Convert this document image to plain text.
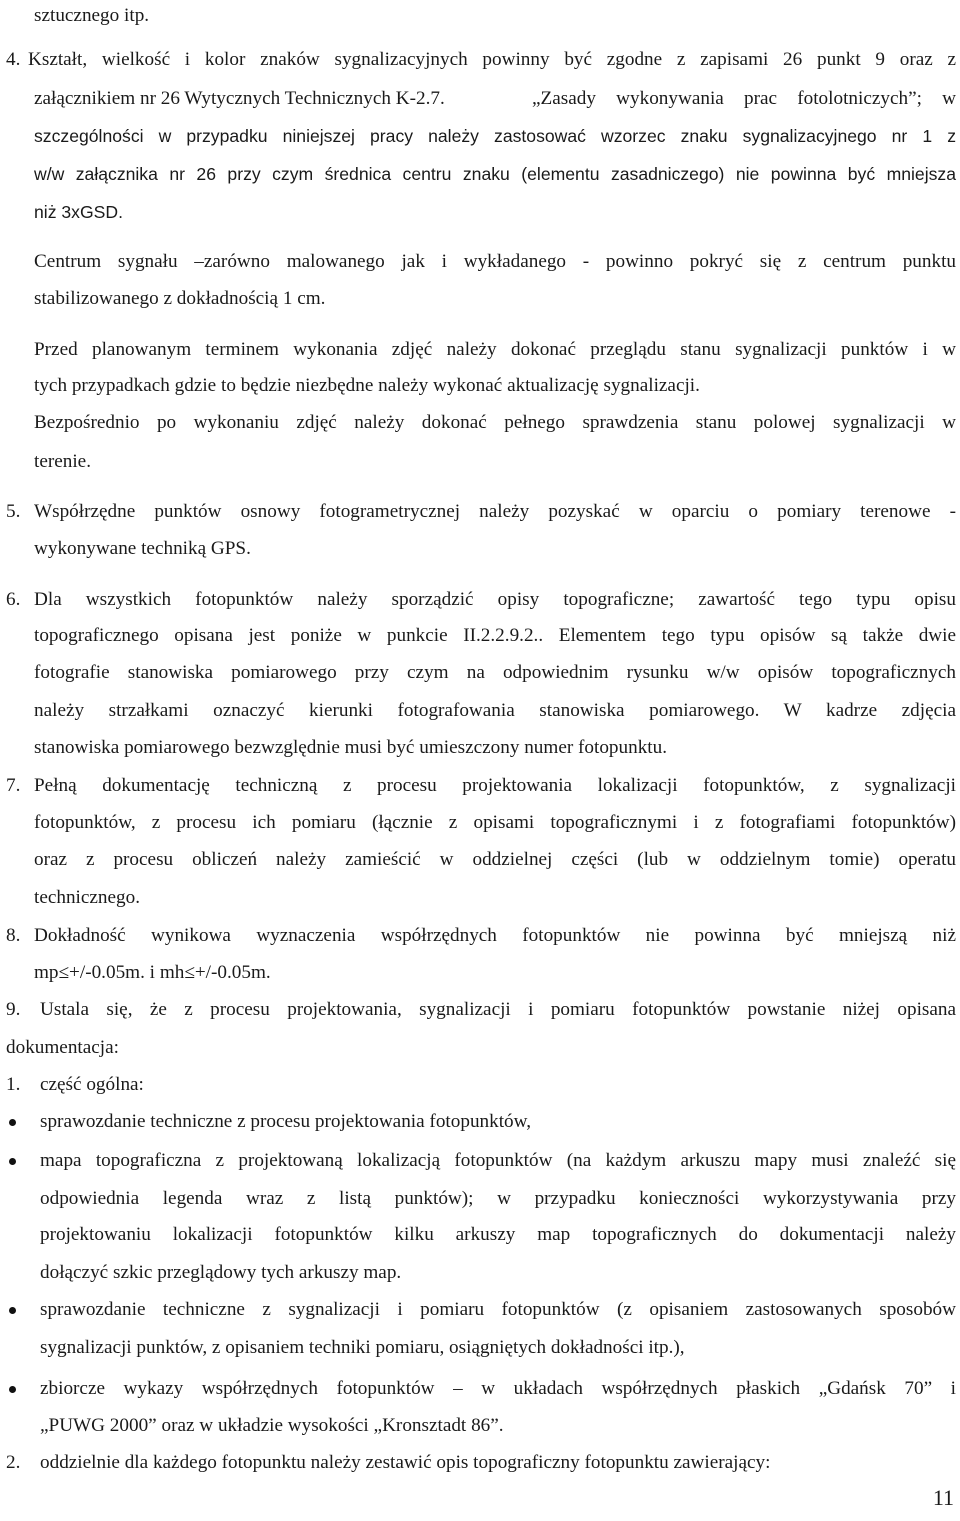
sztucznego itp.
4. Kształt, wielkość i kolor znaków sygnalizacyjnych powinny być zgodne z zapisami 26 punkt 9 oraz z
załącznikiem nr 26 Wytycznych Technicznych K-2.7.	„Zasady wykonywania prac fotolotniczych”; w
szczególności w przypadku niniejszej pracy należy zastosować wzorzec znaku sygnalizacyjnego nr 1 z
w/w załącznika nr 26 przy czym średnica centru znaku (elementu zasadniczego) nie powinna być mniejsza
niż 3xGSD.
Centrum sygnału –zarówno malowanego jak i wykładanego - powinno pokryć się z centrum punktu
stabilizowanego z dokładnością 1 cm.
Przed planowanym terminem wykonania zdjęć należy dokonać przeglądu stanu sygnalizacji punktów i w
tych przypadkach gdzie to będzie niezbędne należy wykonać aktualizację sygnalizacji.
Bezpośrednio po wykonaniu zdjęć należy dokonać pełnego sprawdzenia stanu polowej sygnalizacji w
terenie.
5. Współrzędne punktów osnowy fotogrametrycznej należy pozyskać w oparciu o pomiary terenowe -
wykonywane techniką GPS.
6. Dla wszystkich fotopunktów należy sporządzić opisy topograficzne; zawartość tego typu opisu
topograficznego opisana jest poniże w punkcie II.2.2.9.2.. Elementem tego typu opisów są także dwie
fotografie stanowiska pomiarowego przy czym na odpowiednim rysunku w/w opisów topograficznych
należy strzałkami oznaczyć kierunki fotografowania stanowiska pomiarowego. W kadrze zdjęcia
stanowiska pomiarowego bezwzględnie musi być umieszczony numer fotopunktu.
7. Pełną dokumentację techniczną z procesu projektowania lokalizacji fotopunktów, z sygnalizacji
fotopunktów, z procesu ich pomiaru (łącznie z opisami topograficznymi i z fotografiami fotopunktów)
oraz z procesu obliczeń należy zamieścić w oddzielnej części (lub w oddzielnym tomie) operatu
technicznego.
8. Dokładność wynikowa wyznaczenia współrzędnych fotopunktów nie powinna być mniejszą niż
mp≤+/-0.05m. i mh≤+/-0.05m.
9. Ustala się, że z procesu projektowania, sygnalizacji i pomiaru fotopunktów powstanie niżej opisana
dokumentacja:
1. część ogólna:
sprawozdanie techniczne z procesu projektowania fotopunktów,
mapa topograficzna z projektowaną lokalizacją fotopunktów (na każdym arkuszu mapy musi znaleźć się
odpowiednia legenda wraz z listą punktów); w przypadku konieczności wykorzystywania przy
projektowaniu lokalizacji fotopunktów kilku arkuszy map topograficznych do dokumentacji należy
dołączyć szkic przeglądowy tych arkuszy map.
sprawozdanie techniczne z sygnalizacji i pomiaru fotopunktów (z opisaniem zastosowanych sposobów
sygnalizacji punktów, z opisaniem techniki pomiaru, osiągniętych dokładności itp.),
zbiorcze wykazy współrzędnych fotopunktów – w układach współrzędnych płaskich „Gdańsk 70” i
„PUWG 2000” oraz w układzie wysokości „Kronsztadt 86”.
2. oddzielnie dla każdego fotopunktu należy zestawić opis topograficzny fotopunktu zawierający:
11
